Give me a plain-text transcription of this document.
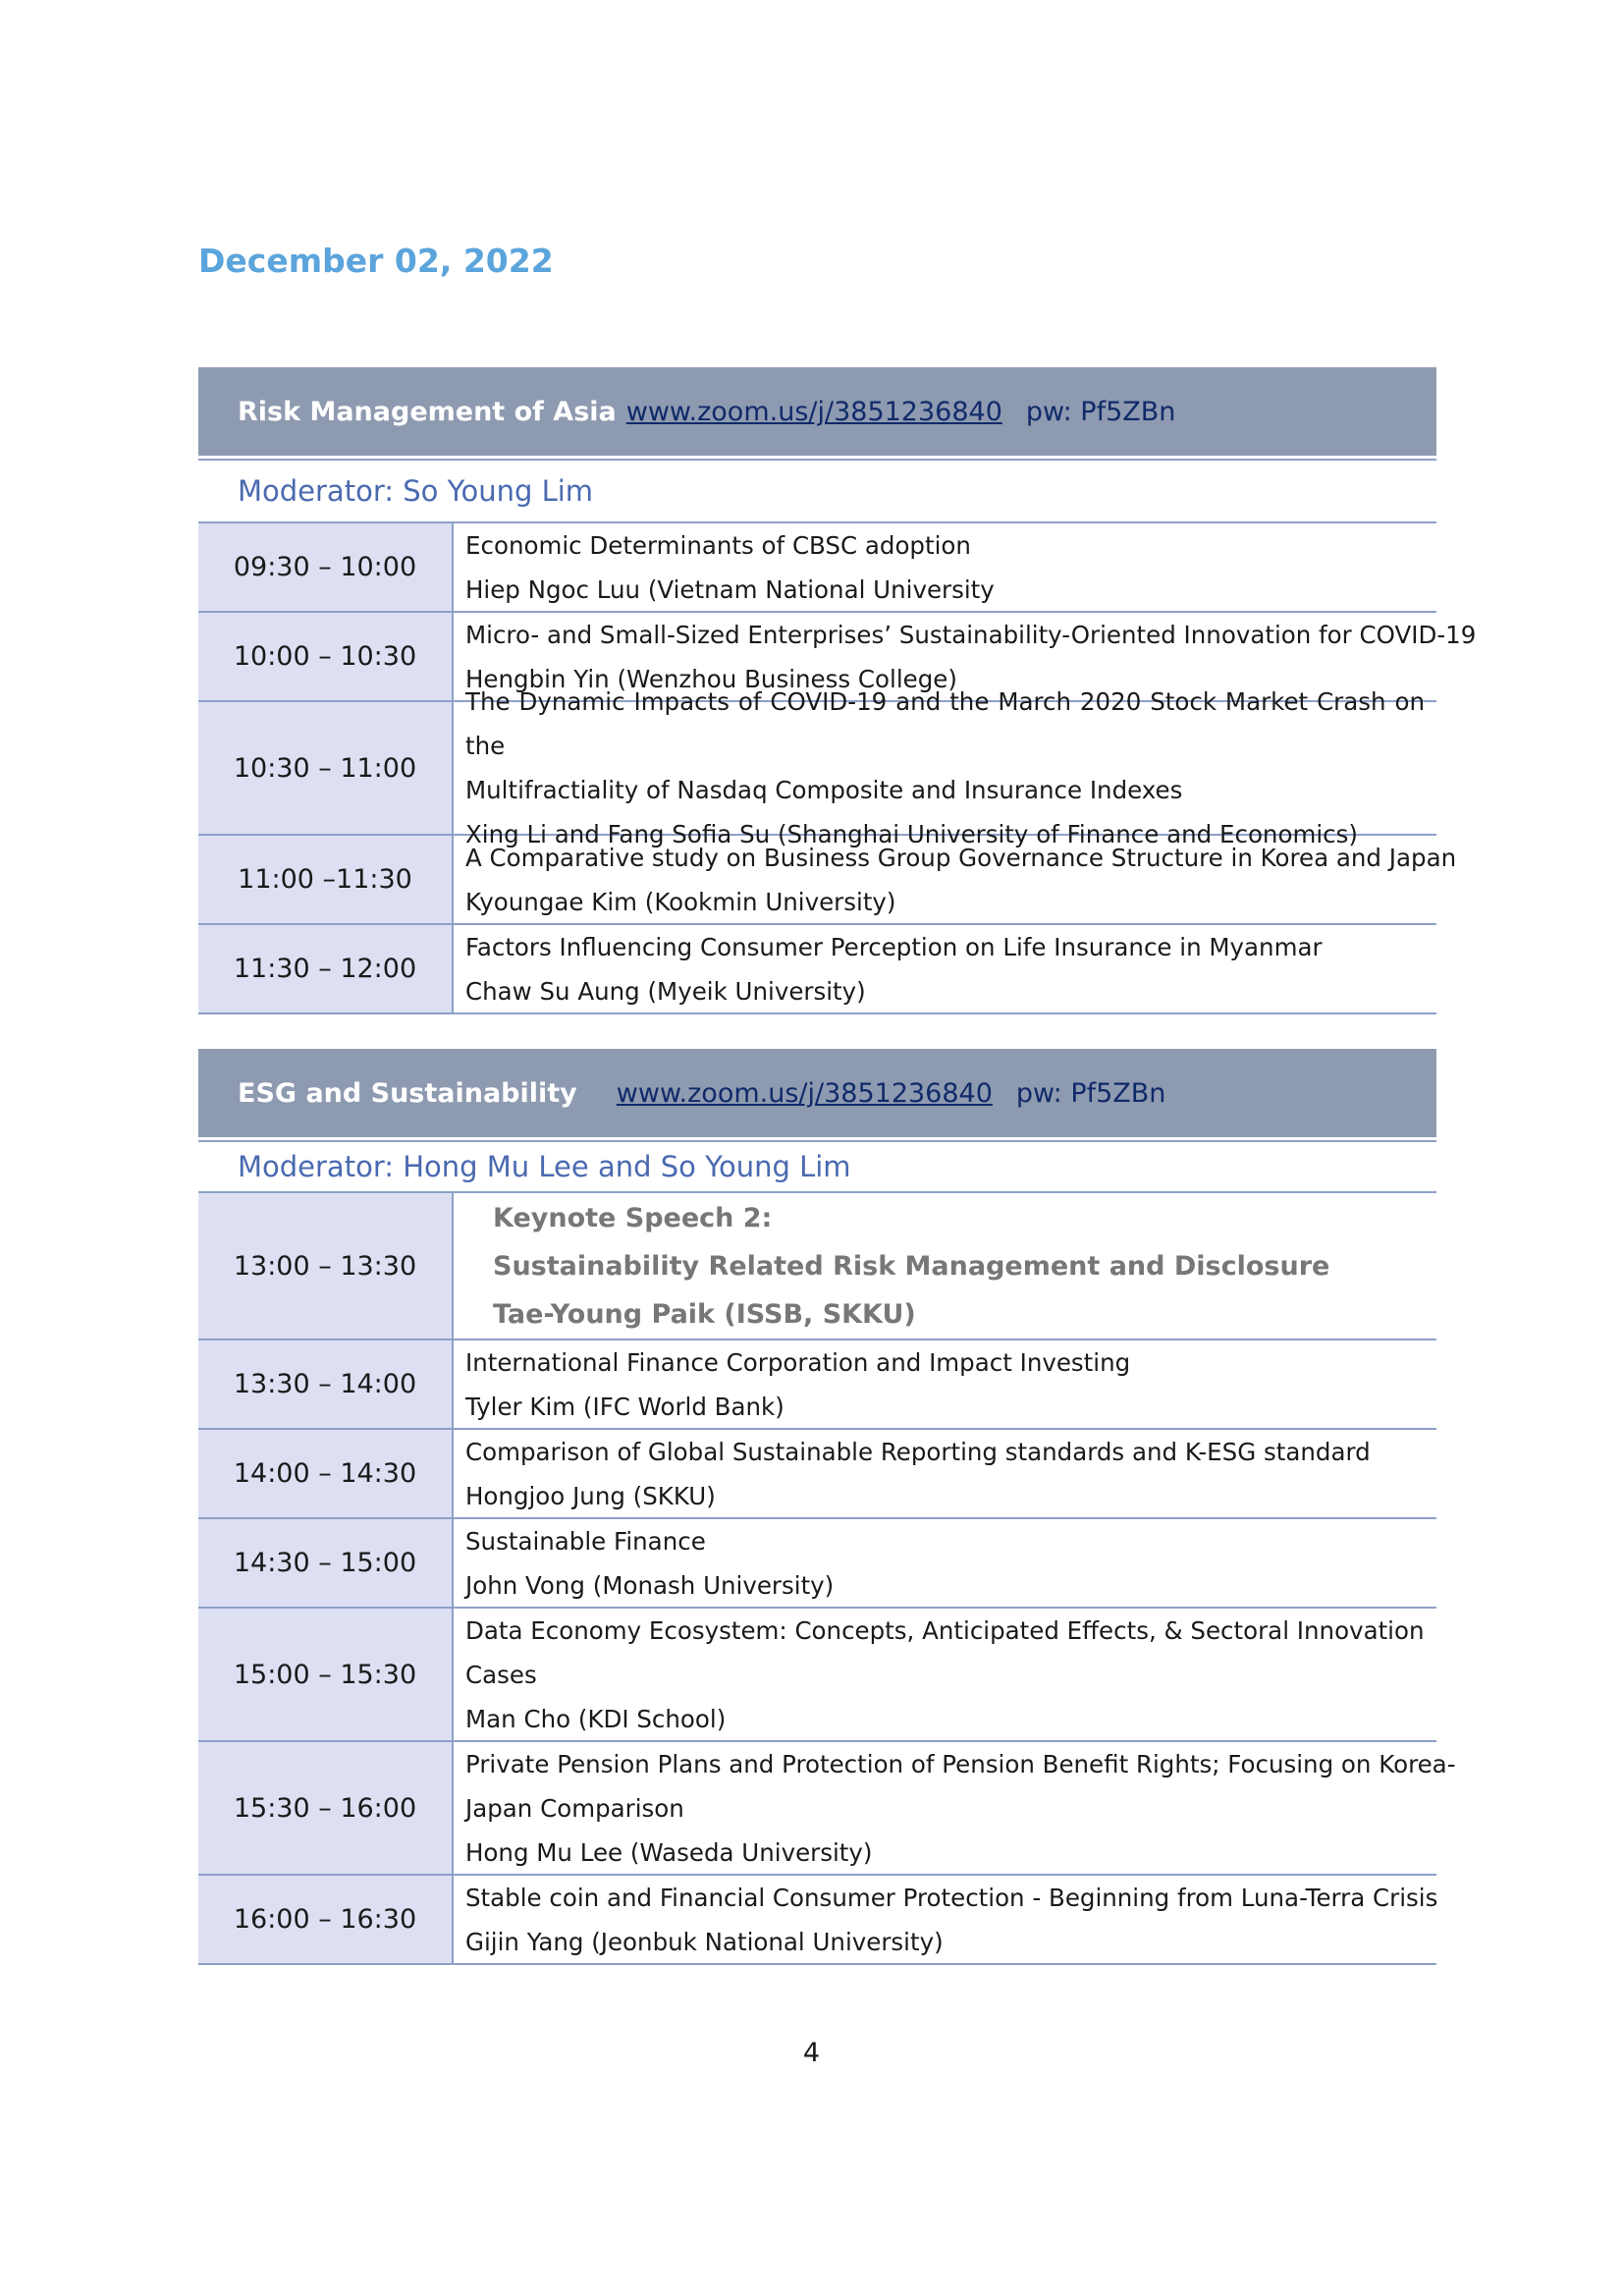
December 02, 2022
Risk Management of Asia www.zoom.us/j/3851236840 pw: Pf5ZBn
Moderator: So Young Lim
09:30 – 10:00
Economic Determinants of CBSC adoption
Hiep Ngoc Luu (Vietnam National University
10:00 – 10:30
Micro- and Small-Sized Enterprises’ Sustainability-Oriented Innovation for COVID-19
Hengbin Yin (Wenzhou Business College)
10:30 – 11:00
The Dynamic Impacts of COVID-19 and the March 2020 Stock Market Crash on the
Multifractiality of Nasdaq Composite and Insurance Indexes
Xing Li and Fang Sofia Su (Shanghai University of Finance and Economics)
11:00 –11:30
A Comparative study on Business Group Governance Structure in Korea and Japan
Kyoungae Kim (Kookmin University)
11:30 – 12:00
Factors Influencing Consumer Perception on Life Insurance in Myanmar
Chaw Su Aung (Myeik University)
ESG and Sustainability www.zoom.us/j/3851236840 pw: Pf5ZBn
Moderator: Hong Mu Lee and So Young Lim
13:00 – 13:30
Keynote Speech 2:
Sustainability Related Risk Management and Disclosure
Tae-Young Paik (ISSB, SKKU)
13:30 – 14:00
International Finance Corporation and Impact Investing
Tyler Kim (IFC World Bank)
14:00 – 14:30
Comparison of Global Sustainable Reporting standards and K-ESG standard
Hongjoo Jung (SKKU)
14:30 – 15:00
Sustainable Finance
John Vong (Monash University)
15:00 – 15:30
Data Economy Ecosystem: Concepts, Anticipated Effects, & Sectoral Innovation
Cases
Man Cho (KDI School)
15:30 – 16:00
Private Pension Plans and Protection of Pension Benefit Rights; Focusing on Korea-
Japan Comparison
Hong Mu Lee (Waseda University)
16:00 – 16:30
Stable coin and Financial Consumer Protection - Beginning from Luna-Terra Crisis
Gijin Yang (Jeonbuk National University)
4
